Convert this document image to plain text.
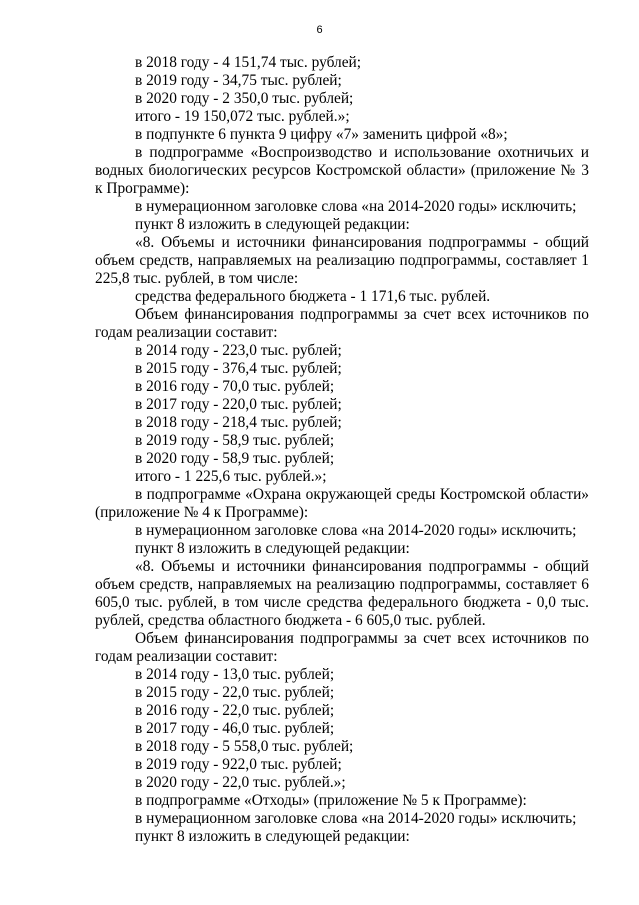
6

в 2018 году - 4 151,74 тыс. рублей;

в 2019 году - 34,75 тыс. рублей;

в 2020 году - 2 350,0 тыс. рублей;

итого - 19 150,072 тыс. рублей.»;

в подпункте 6 пункта 9 цифру «7» заменить цифрой «8»;

в подпрограмме «Воспроизводство и использование охотничьих и водных биологических ресурсов Костромской области» (приложение № 3 к Программе):

в нумерационном заголовке слова «на 2014-2020 годы» исключить;

пункт 8 изложить в следующей редакции:

«8. Объемы и источники финансирования подпрограммы - общий объем средств, направляемых на реализацию подпрограммы, составляет 1 225,8 тыс. рублей, в том числе:

средства федерального бюджета - 1 171,6 тыс. рублей.

Объем финансирования подпрограммы за счет всех источников по годам реализации составит:

в 2014 году - 223,0 тыс. рублей;

в 2015 году - 376,4 тыс. рублей;

в 2016 году - 70,0 тыс. рублей;

в 2017 году - 220,0 тыс. рублей;

в 2018 году - 218,4 тыс. рублей;

в 2019 году - 58,9 тыс. рублей;

в 2020 году - 58,9 тыс. рублей;

итого - 1 225,6 тыс. рублей.»;

в подпрограмме «Охрана окружающей среды Костромской области» (приложение № 4 к Программе):

в нумерационном заголовке слова «на 2014-2020 годы» исключить;

пункт 8 изложить в следующей редакции:

«8. Объемы и источники финансирования подпрограммы - общий объем средств, направляемых на реализацию подпрограммы, составляет 6 605,0 тыс. рублей, в том числе средства федерального бюджета - 0,0 тыс. рублей, средства областного бюджета - 6 605,0 тыс. рублей.

Объем финансирования подпрограммы за счет всех источников по годам реализации составит:

в 2014 году - 13,0 тыс. рублей;

в 2015 году - 22,0 тыс. рублей;

в 2016 году - 22,0 тыс. рублей;

в 2017 году - 46,0 тыс. рублей;

в 2018 году - 5 558,0 тыс. рублей;

в 2019 году - 922,0 тыс. рублей;

в 2020 году - 22,0 тыс. рублей.»;

в подпрограмме «Отходы» (приложение № 5 к Программе):

в нумерационном заголовке слова «на 2014-2020 годы» исключить;

пункт 8 изложить в следующей редакции:
